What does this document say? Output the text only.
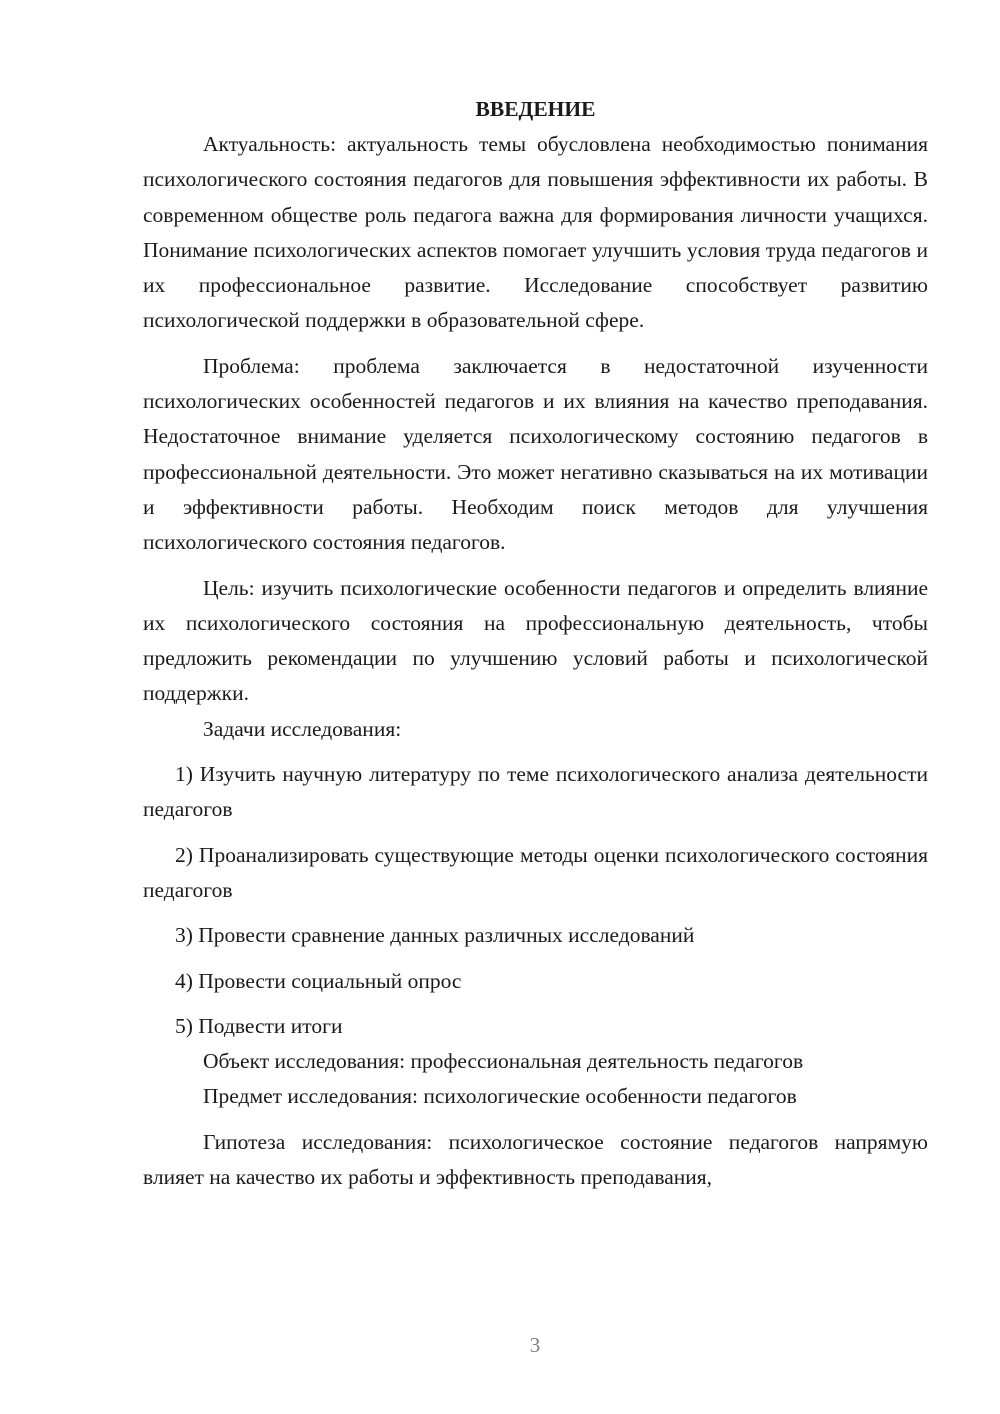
ВВЕДЕНИЕ

Актуальность: актуальность темы обусловлена необходимостью понимания психологического состояния педагогов для повышения эффективности их работы. В современном обществе роль педагога важна для формирования личности учащихся. Понимание психологических аспектов помогает улучшить условия труда педагогов и их профессиональное развитие. Исследование способствует развитию психологической поддержки в образовательной сфере.

Проблема: проблема заключается в недостаточной изученности психологических особенностей педагогов и их влияния на качество преподавания. Недостаточное внимание уделяется психологическому состоянию педагогов в профессиональной деятельности. Это может негативно сказываться на их мотивации и эффективности работы. Необходим поиск методов для улучшения психологического состояния педагогов.

Цель: изучить психологические особенности педагогов и определить влияние их психологического состояния на профессиональную деятельность, чтобы предложить рекомендации по улучшению условий работы и психологической поддержки.

Задачи исследования:

1) Изучить научную литературу по теме психологического анализа деятельности педагогов

2) Проанализировать существующие методы оценки психологического состояния педагогов

3) Провести сравнение данных различных исследований

4) Провести социальный опрос

5) Подвести итоги

Объект исследования: профессиональная деятельность педагогов

Предмет исследования: психологические особенности педагогов

Гипотеза исследования: психологическое состояние педагогов напрямую влияет на качество их работы и эффективность преподавания,

3
